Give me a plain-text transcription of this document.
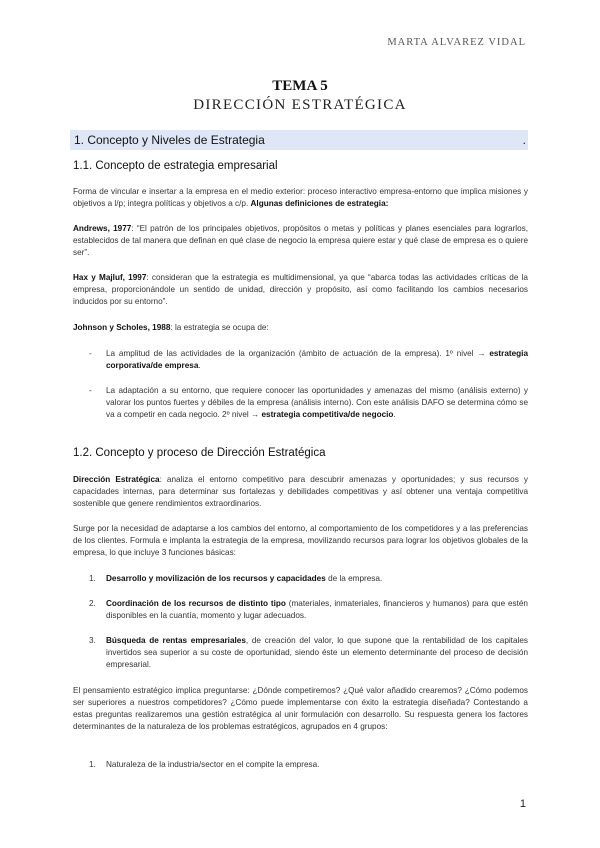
MARTA ALVAREZ VIDAL
TEMA 5
DIRECCIÓN ESTRATÉGICA
1. Concepto y Niveles de Estrategia	.
1.1. Concepto de estrategia empresarial

Forma de vincular e insertar a la empresa en el medio exterior: proceso interactivo empresa-entorno que implica misiones y objetivos a l/p; integra políticas y objetivos a c/p. Algunas definiciones de estrategia:

Andrews, 1977: “El patrón de los principales objetivos, propósitos o metas y políticas y planes esenciales para lograrlos, establecidos de tal manera que definan en qué clase de negocio la empresa quiere estar y qué clase de empresa es o quiere ser”.

Hax y Majluf, 1997: consideran que la estrategia es multidimensional, ya que “abarca todas las actividades críticas de la empresa, proporcionándole un sentido de unidad, dirección y propósito, así como facilitando los cambios necesarios inducidos por su entorno”.

Johnson y Scholes, 1988: la estrategia se ocupa de:

- La amplitud de las actividades de la organización (ámbito de actuación de la empresa). 1º nivel → estrategia corporativa/de empresa.
- La adaptación a su entorno, que requiere conocer las oportunidades y amenazas del mismo (análisis externo) y valorar los puntos fuertes y débiles de la empresa (análisis interno). Con este análisis DAFO se determina cómo se va a competir en cada negocio. 2º nivel → estrategia competitiva/de negocio.
1.2. Concepto y proceso de Dirección Estratégica

Dirección Estratégica: analiza el entorno competitivo para descubrir amenazas y oportunidades; y sus recursos y capacidades internas, para determinar sus fortalezas y debilidades competitivas y así obtener una ventaja competitiva sostenible que genere rendimientos extraordinarios.

Surge por la necesidad de adaptarse a los cambios del entorno, al comportamiento de los competidores y a las preferencias de los clientes. Formula e implanta la estrategia de la empresa, movilizando recursos para lograr los objetivos globales de la empresa, lo que incluye 3 funciones básicas:

1. Desarrollo y movilización de los recursos y capacidades de la empresa.
2. Coordinación de los recursos de distinto tipo (materiales, inmateriales, financieros y humanos) para que estén disponibles en la cuantía, momento y lugar adecuados.
3. Búsqueda de rentas empresariales, de creación del valor, lo que supone que la rentabilidad de los capitales invertidos sea superior a su coste de oportunidad, siendo éste un elemento determinante del proceso de decisión empresarial.

El pensamiento estratégico implica preguntarse: ¿Dónde competiremos? ¿Qué valor añadido crearemos? ¿Cómo podemos ser superiores a nuestros competidores? ¿Cómo puede implementarse con éxito la estrategia diseñada? Contestando a estas preguntas realizaremos una gestión estratégica al unir formulación con desarrollo. Su respuesta genera los factores determinantes de la naturaleza de los problemas estratégicos, agrupados en 4 grupos:

1. Naturaleza de la industria/sector en el compite la empresa.
1
